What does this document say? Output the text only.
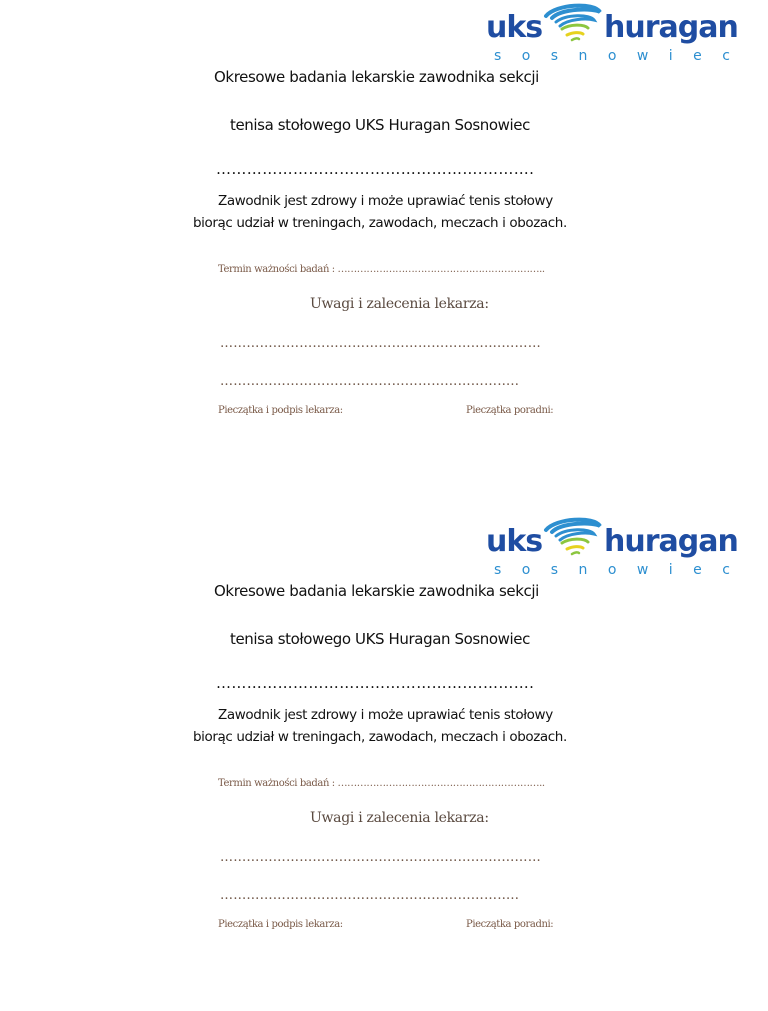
uks huragan
s o s n o w i e c
Okresowe badania lekarskie zawodnika sekcji
tenisa stołowego UKS Huragan Sosnowiec
…………………………………………….……….
Zawodnik jest zdrowy i może uprawiać tenis stołowy
biorąc udział w treningach, zawodach, meczach i obozach.
Termin ważności badań : ………………………………………………………..
Uwagi i zalecenia lekarza:
……………………………………………………....………
…………………………………………………………..
Pieczątka i podpis lekarza:	Pieczątka poradni:
uks huragan
s o s n o w i e c
Okresowe badania lekarskie zawodnika sekcji
tenisa stołowego UKS Huragan Sosnowiec
…………………………………………….……….
Zawodnik jest zdrowy i może uprawiać tenis stołowy
biorąc udział w treningach, zawodach, meczach i obozach.
Termin ważności badań : ………………………………………………………..
Uwagi i zalecenia lekarza:
……………………………………………………....………
…………………………………………………………..
Pieczątka i podpis lekarza:	Pieczątka poradni:
